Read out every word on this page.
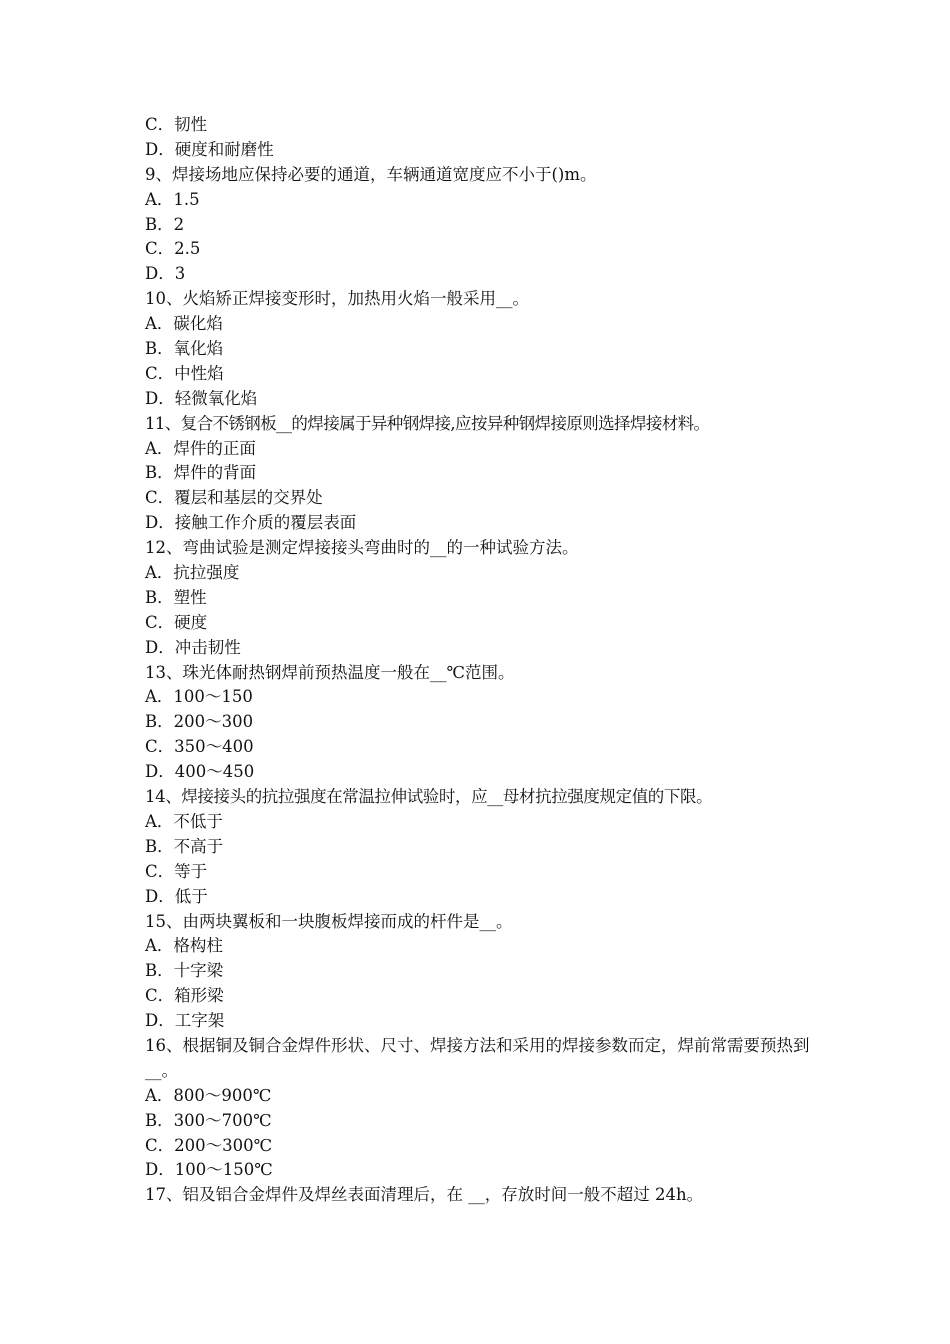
C．韧性
D．硬度和耐磨性
9、焊接场地应保持必要的通道，车辆通道宽度应不小于()m。
A．1.5
B．2
C．2.5
D．3
10、火焰矫正焊接变形时，加热用火焰一般采用__。
A．碳化焰
B．氧化焰
C．中性焰
D．轻微氧化焰
11、复合不锈钢板__的焊接属于异种钢焊接,应按异种钢焊接原则选择焊接材料。
A．焊件的正面
B．焊件的背面
C．覆层和基层的交界处
D．接触工作介质的覆层表面
12、弯曲试验是测定焊接接头弯曲时的__的一种试验方法。
A．抗拉强度
B．塑性
C．硬度
D．冲击韧性
13、珠光体耐热钢焊前预热温度一般在__℃范围。
A．100～150
B．200～300
C．350～400
D．400～450
14、焊接接头的抗拉强度在常温拉伸试验时，应__母材抗拉强度规定值的下限。
A．不低于
B．不高于
C．等于
D．低于
15、由两块翼板和一块腹板焊接而成的杆件是__。
A．格构柱
B．十字梁
C．箱形梁
D．工字架
16、根据铜及铜合金焊件形状、尺寸、焊接方法和采用的焊接参数而定，焊前常需要预热到__。
A．800～900℃
B．300～700℃
C．200～300℃
D．100～150℃
17、铝及铝合金焊件及焊丝表面清理后，在 __，存放时间一般不超过 24h。
